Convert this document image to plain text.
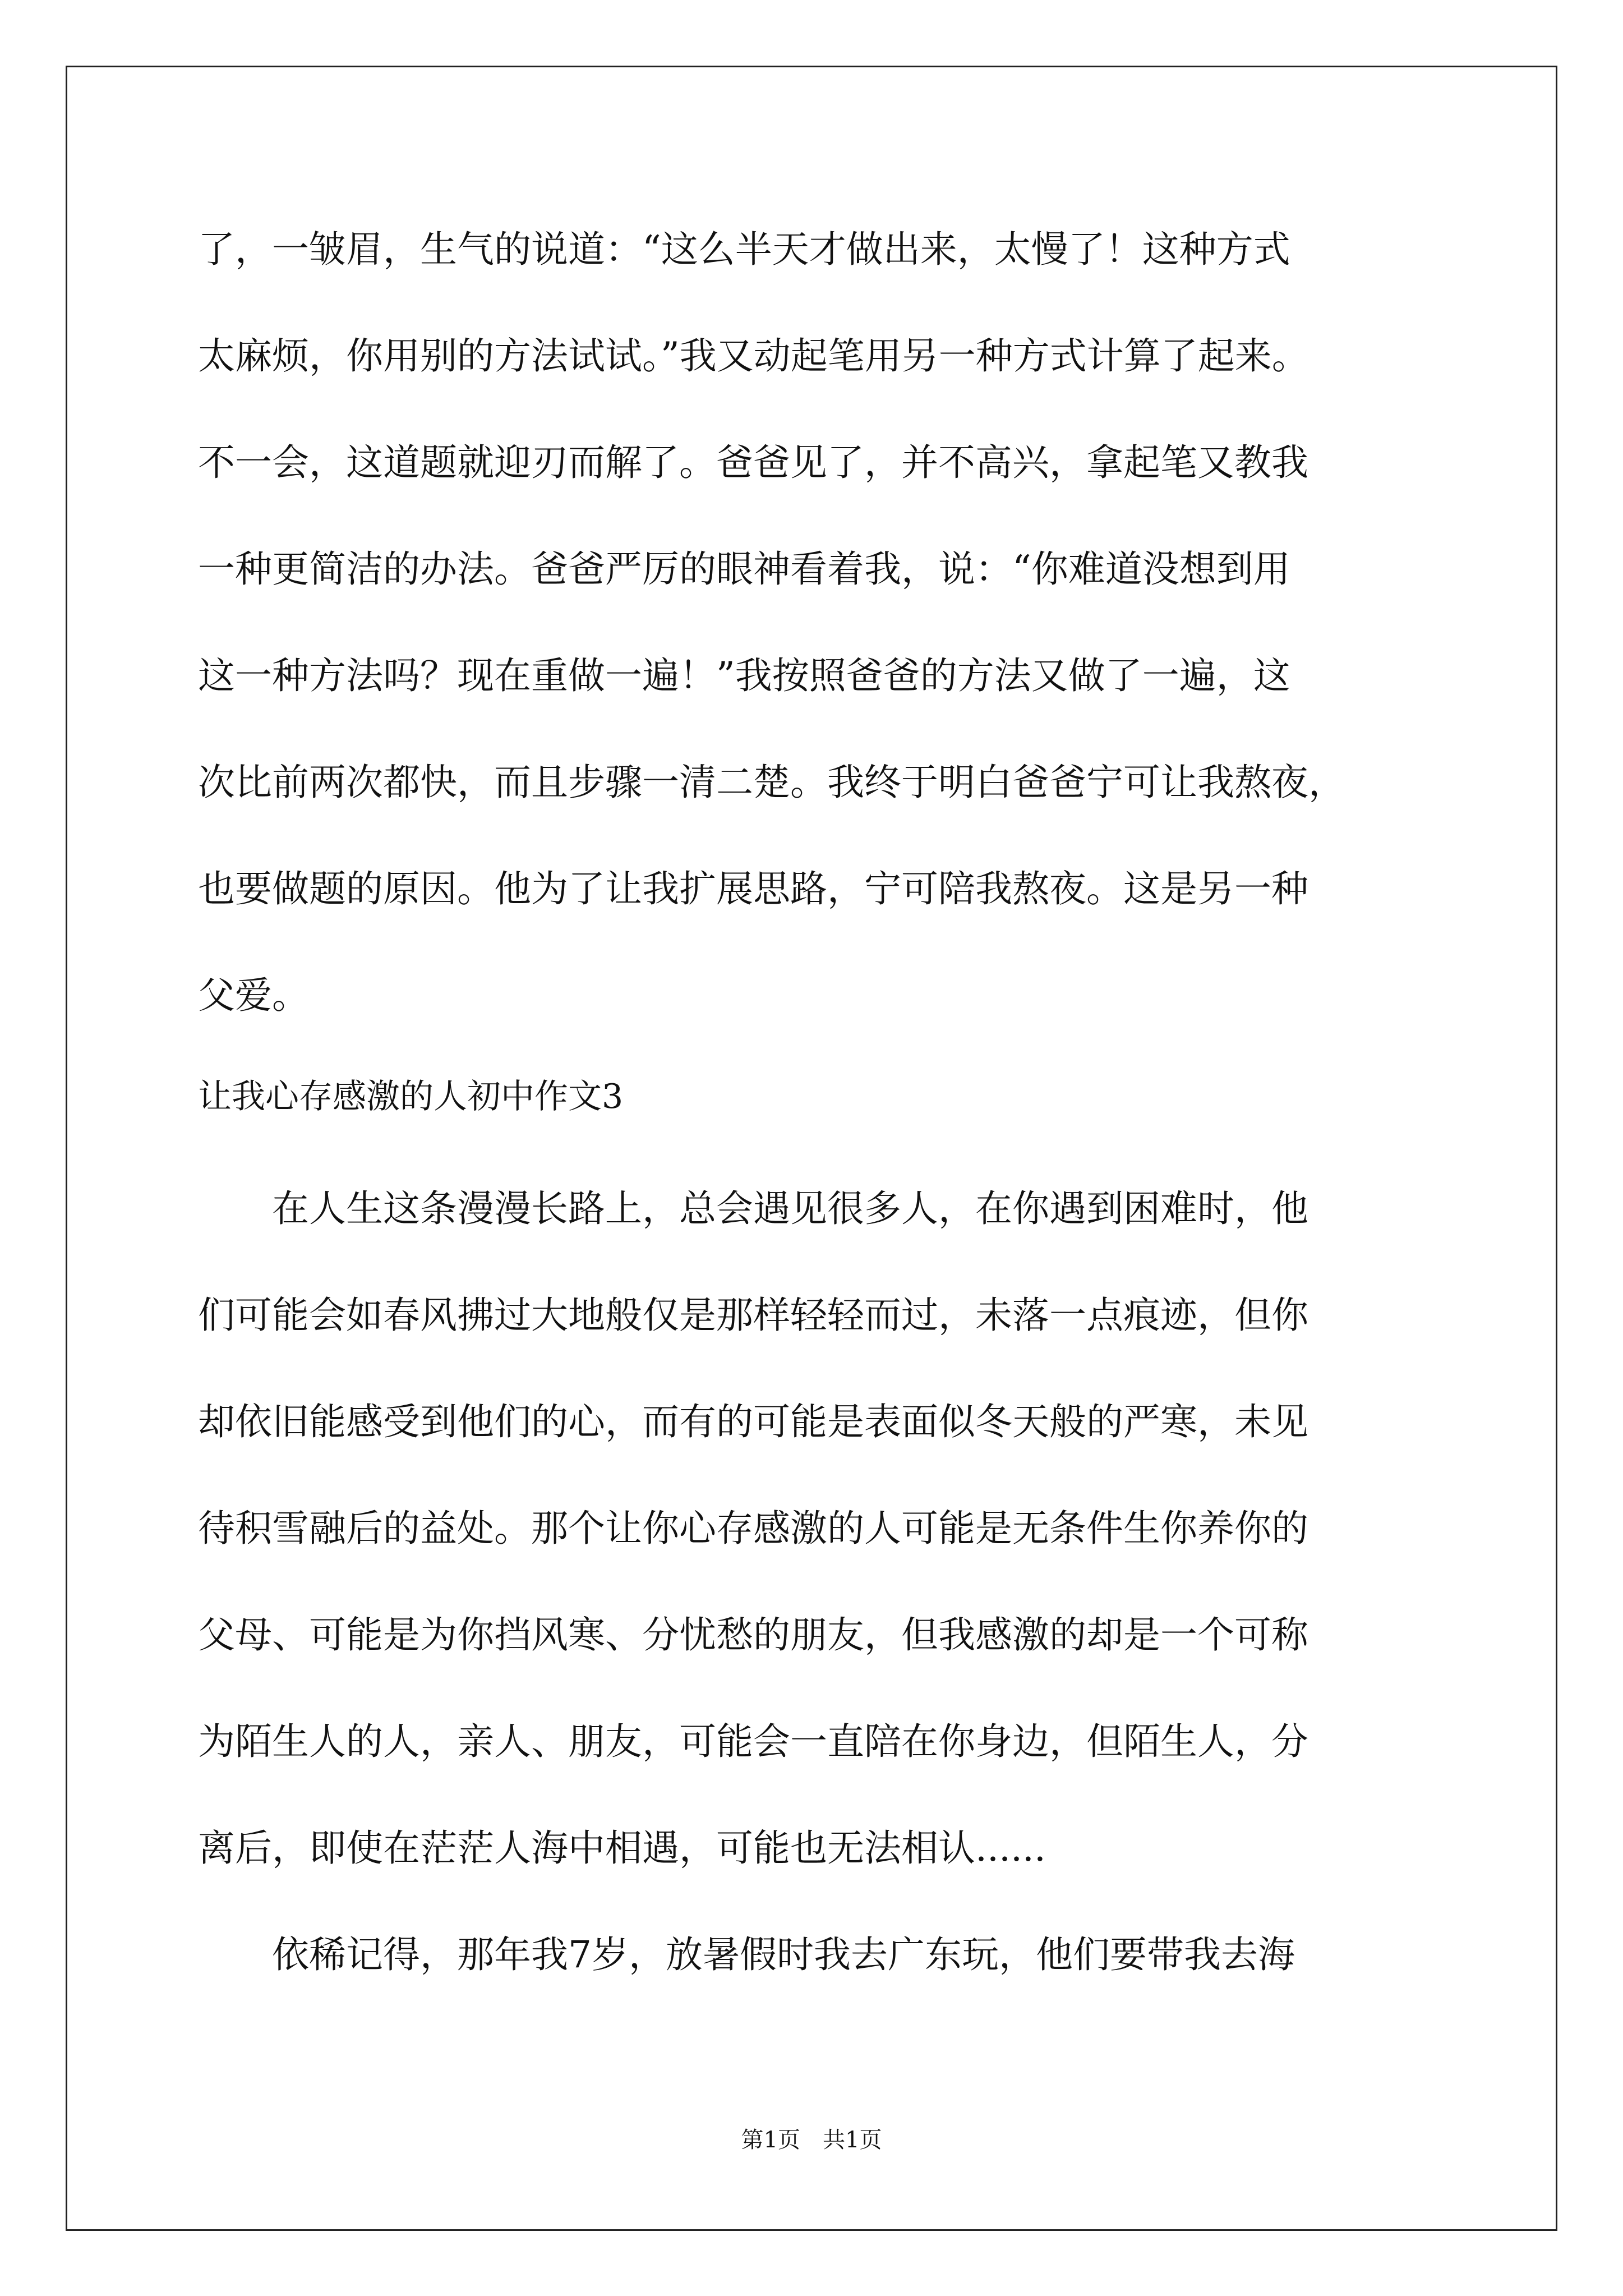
了，一皱眉，生气的说道：“这么半天才做出来，太慢了！这种方式
太麻烦，你用别的方法试试。”我又动起笔用另一种方式计算了起来。
不一会，这道题就迎刃而解了。爸爸见了，并不高兴，拿起笔又教我
一种更简洁的办法。爸爸严厉的眼神看着我，说：“你难道没想到用
这一种方法吗？现在重做一遍！”我按照爸爸的方法又做了一遍，这
次比前两次都快，而且步骤一清二楚。我终于明白爸爸宁可让我熬夜，
也要做题的原因。他为了让我扩展思路，宁可陪我熬夜。这是另一种
父爱。
让我心存感激的人初中作文3
　　在人生这条漫漫长路上，总会遇见很多人，在你遇到困难时，他
们可能会如春风拂过大地般仅是那样轻轻而过，未落一点痕迹，但你
却依旧能感受到他们的心，而有的可能是表面似冬天般的严寒，未见
待积雪融后的益处。那个让你心存感激的人可能是无条件生你养你的
父母、可能是为你挡风寒、分忧愁的朋友，但我感激的却是一个可称
为陌生人的人，亲人、朋友，可能会一直陪在你身边，但陌生人，分
离后，即使在茫茫人海中相遇，可能也无法相认......
　　依稀记得，那年我7岁，放暑假时我去广东玩，他们要带我去海
第1页　共1页
